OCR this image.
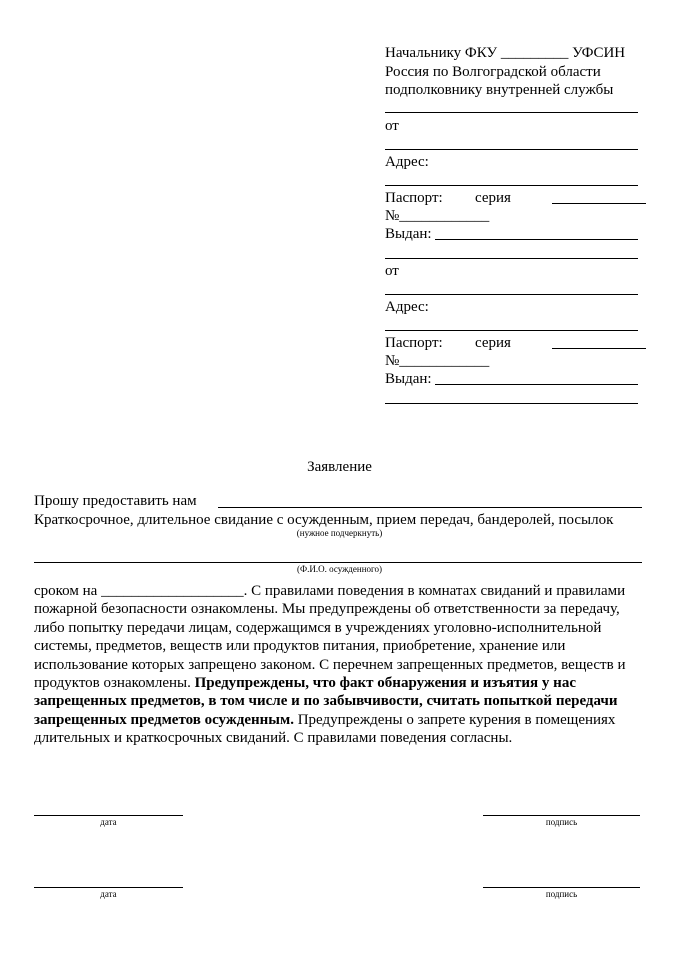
Начальнику ФКУ _________ УФСИН
Россия по Волгоградской области
подполковнику внутренней службы
от
Адрес:
Паспорт: серия
№____________
Выдан:
от
Адрес:
Паспорт: серия
№____________
Выдан:
Заявление
Прошу предоставить нам
Краткосрочное, длительное свидание с осужденным, прием передач, бандеролей, посылок
(нужное подчеркнуть)
(Ф.И.О. осужденного)
сроком на ___________________. С правилами поведения в комнатах свиданий и правилами пожарной безопасности ознакомлены. Мы предупреждены об ответственности за передачу, либо попытку передачи лицам, содержащимся в учреждениях уголовно-исполнительной системы, предметов, веществ или продуктов питания, приобретение, хранение или использование которых запрещено законом. С перечнем запрещенных предметов, веществ и продуктов ознакомлены. Предупреждены, что факт обнаружения и изъятия у нас запрещенных предметов, в том числе и по забывчивости, считать попыткой передачи запрещенных предметов осужденным. Предупреждены о запрете курения в помещениях длительных и краткосрочных свиданий. С правилами поведения согласны.
дата	подпись
дата	подпись
